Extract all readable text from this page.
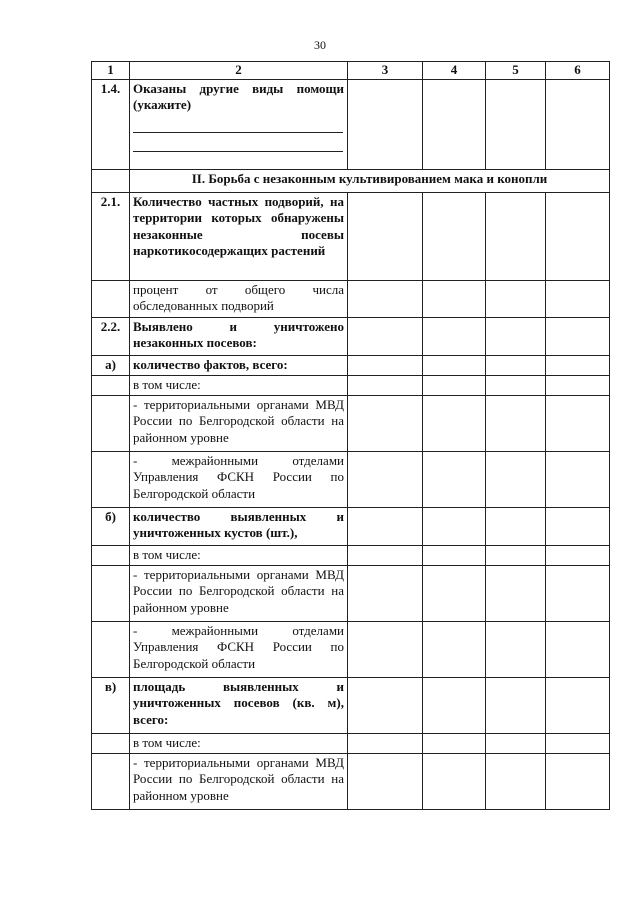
30
1	2	3	4	5	6
1.4.	Оказаны другие виды помощи (укажите)				

	II. Борьба с незаконным культивированием мака и конопли				
2.1.	Количество частных подворий, на территории которых обнаружены незаконные посевы наркотикосодержащих растений				
	процент от общего числа обследованных подворий				
2.2.	Выявлено и уничтожено незаконных посевов:				
а)	количество фактов, всего:				
	в том числе:				
	- территориальными органами МВД России по Белгородской области на районном уровне				
	- межрайонными отделами Управления ФСКН России по Белгородской области				
б)	количество выявленных и уничтоженных кустов (шт.),				
	в том числе:				
	- территориальными органами МВД России по Белгородской области на районном уровне				
	- межрайонными отделами Управления ФСКН России по Белгородской области				
в)	площадь выявленных и уничтоженных посевов (кв. м), всего:				
	в том числе:				
	- территориальными органами МВД России по Белгородской области на районном уровне				
